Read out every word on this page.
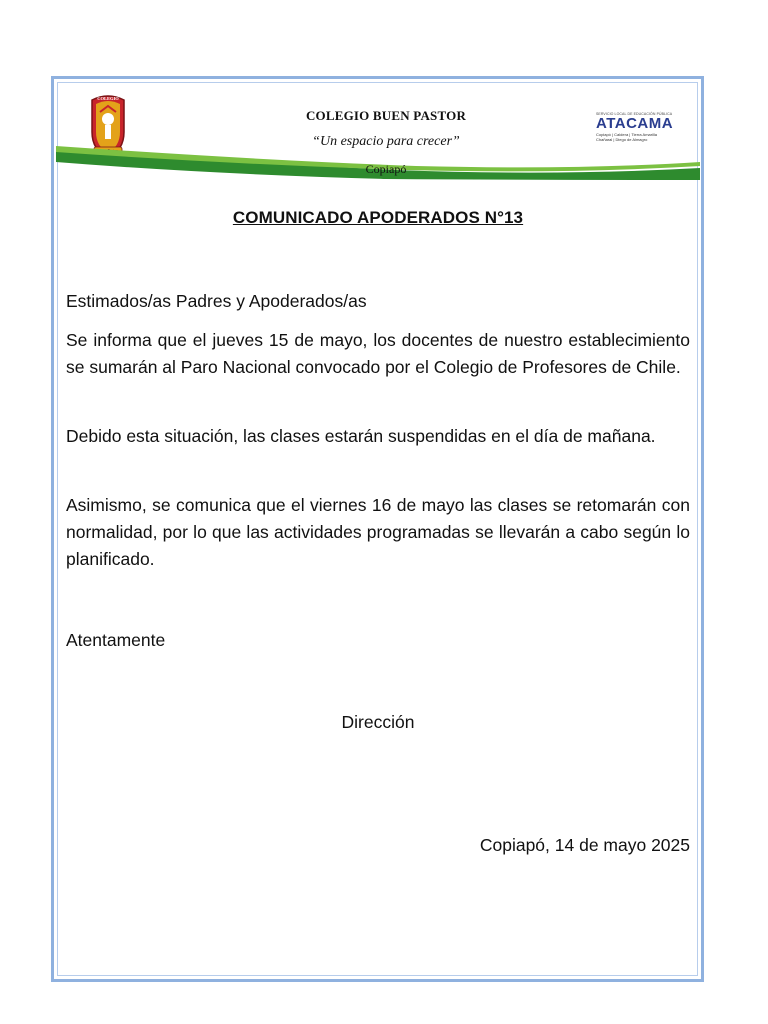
COLEGIO
COLEGIO BUEN PASTOR
“Un espacio para crecer”
Copiapó
SERVICIO LOCAL DE EDUCACIÓN PÚBLICA
ATACAMA
Copiapó | Caldera | Tierra Amarilla
Chañaral | Diego de Almagro
COMUNICADO APODERADOS N°13

Estimados/as Padres y Apoderados/as

Se informa que el jueves 15 de mayo, los docentes de nuestro establecimiento se sumarán al Paro Nacional convocado por el Colegio de Profesores de Chile.

Debido esta situación, las clases estarán suspendidas en el día de mañana.

Asimismo, se comunica que el viernes 16 de mayo las clases se retomarán con normalidad, por lo que las actividades programadas se llevarán a cabo según lo planificado.

Atentamente

Dirección

Copiapó, 14 de mayo 2025
